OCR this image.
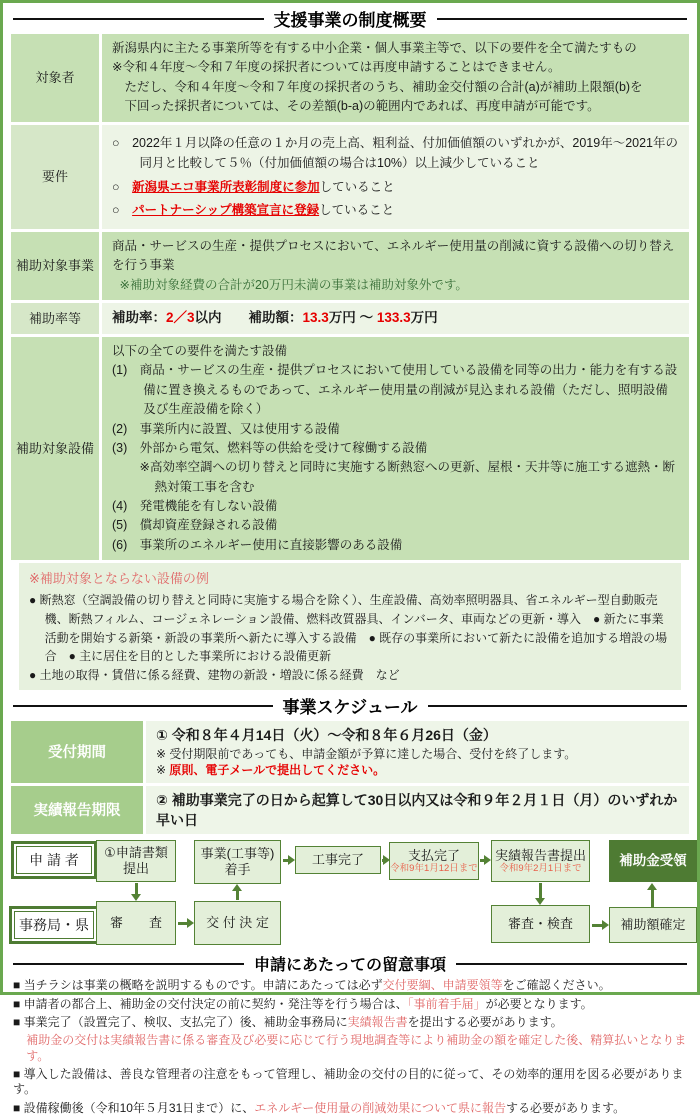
支援事業の制度概要
対象者
新潟県内に主たる事業所等を有する中小企業・個人事業主等で、以下の要件を全て満たすもの
※令和４年度～令和７年度の採択者については再度申請することはできません。
　ただし、令和４年度～令和７年度の採択者のうち、補助金交付額の合計(a)が補助上限額(b)を
　下回った採択者については、その差額(b-a)の範囲内であれば、再度申請が可能です。
要件
○　 2022年１月以降の任意の１か月の売上高、粗利益、付加価値額のいずれかが、2019年～2021年の同月と比較して５％（付加価値額の場合は10%）以上減少していること
○　 新潟県エコ事業所表彰制度に参加していること
○　 パートナーシップ構築宣言に登録していること
補助対象事業
商品・サービスの生産・提供プロセスにおいて、エネルギー使用量の削減に資する設備への切り替えを行う事業
※補助対象経費の合計が20万円未満の事業は補助対象外です。
補助率等	補助率：2／3以内　　 補助額：13.3万円 ～ 133.3万円
補助対象設備
以下の全ての要件を満たす設備
(1)　商品・サービスの生産・提供プロセスにおいて使用している設備を同等の出力・能力を有する設備に置き換えるものであって、エネルギー使用量の削減が見込まれる設備（ただし、照明設備及び生産設備を除く）
(2)　事業所内に設置、又は使用する設備
(3)　外部から電気、燃料等の供給を受けて稼働する設備
※高効率空調への切り替えと同時に実施する断熱窓への更新、屋根・天井等に施工する遮熱・断熱対策工事を含む
(4)　発電機能を有しない設備
(5)　償却資産登録される設備
(6)　事業所のエネルギー使用に直接影響のある設備
※補助対象とならない設備の例
● 断熱窓（空調設備の切り替えと同時に実施する場合を除く）、生産設備、高効率照明器具、省エネルギー型自動販売機、断熱フィルム、コージェネレーション設備、燃料改質器具、インバータ、車両などの更新・導入　● 新たに事業活動を開始する新築・新設の事業所へ新たに導入する設備　● 既存の事業所において新たに設備を追加する増設の場合　● 主に居住を目的とした事業所における設備更新
● 土地の取得・賃借に係る経費、建物の新設・増設に係る経費　など
事業スケジュール
受付期間
① 令和８年４月14日（火）～令和８年６月26日（金）
※ 受付期限前であっても、申請金額が予算に達した場合、受付を終了します。
※ 原則、電子メールで提出してください。
実績報告期限
② 補助事業完了の日から起算して30日以内又は令和９年２月１日（月）のいずれか早い日
申 請 者
事務局・県
①申請書類
提出
事業(工事等)
着手
工事完了	支払完了
令和9年1月12日まで
実績報告書提出
令和9年2月1日まで
補助金受領
審　　査	交 付 決 定	審査・検査	補助額確定
申請にあたっての留意事項

■ 当チラシは事業の概略を説明するものです。申請にあたっては必ず交付要綱、申請要領等をご確認ください。

■ 申請者の都合上、補助金の交付決定の前に契約・発注等を行う場合は、「事前着手届」が必要となります。

■ 事業完了（設置完了、検収、支払完了）後、補助金事務局に実績報告書を提出する必要があります。

補助金の交付は実績報告書に係る審査及び必要に応じて行う現地調査等により補助金の額を確定した後、精算払いとなります。

■ 導入した設備は、善良な管理者の注意をもって管理し、補助金の交付の目的に従って、その効率的運用を図る必要があります。

■ 設備稼働後（令和10年５月31日まで）に、エネルギー使用量の削減効果について県に報告する必要があります。
